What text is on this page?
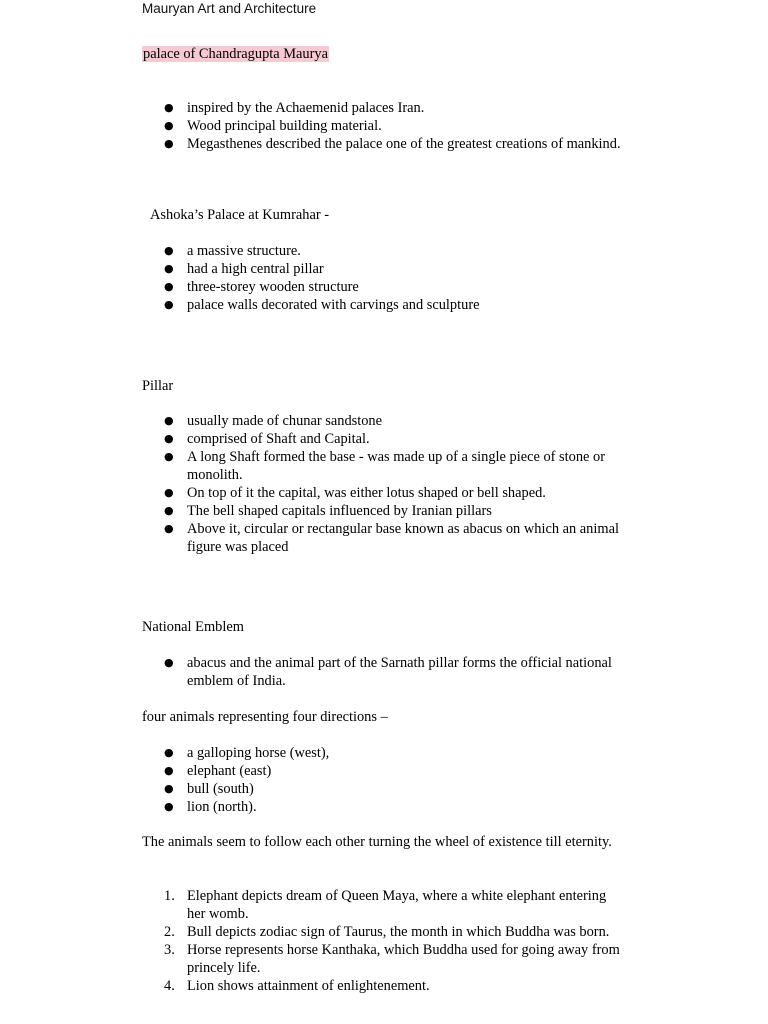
Mauryan Art and Architecture
palace of Chandragupta Maurya
● inspired by the Achaemenid palaces Iran.
● Wood principal building material.
● Megasthenes described the palace one of the greatest creations of mankind.
Ashoka’s Palace at Kumrahar -
● a massive structure.
● had a high central pillar
● three-storey wooden structure
● palace walls decorated with carvings and sculpture
Pillar
● usually made of chunar sandstone
● comprised of Shaft and Capital.
● A long Shaft formed the base - was made up of a single piece of stone or monolith.
● On top of it the capital, was either lotus shaped or bell shaped.
● The bell shaped capitals influenced by Iranian pillars
● Above it, circular or rectangular base known as abacus on which an animal figure was placed
National Emblem
● abacus and the animal part of the Sarnath pillar forms the official national emblem of India.
four animals representing four directions –
● a galloping horse (west),
● elephant (east)
● bull (south)
● lion (north).
The animals seem to follow each other turning the wheel of existence till eternity.
1. Elephant depicts dream of Queen Maya, where a white elephant entering her womb.
2. Bull depicts zodiac sign of Taurus, the month in which Buddha was born.
3. Horse represents horse Kanthaka, which Buddha used for going away from princely life.
4. Lion shows attainment of enlightenement.
